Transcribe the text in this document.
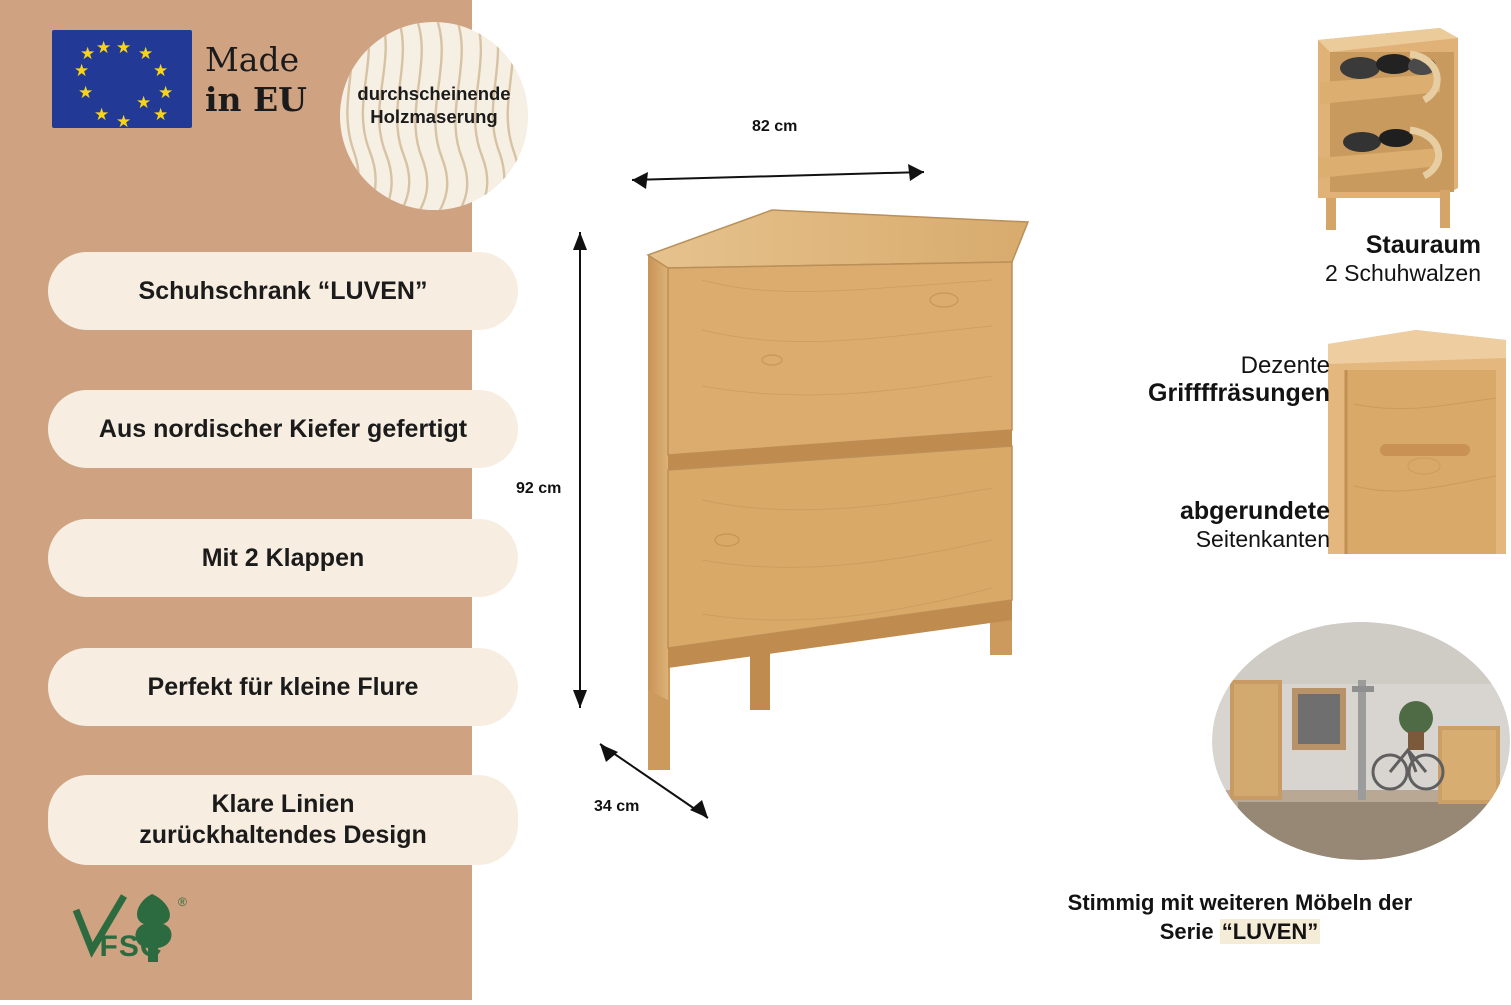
★ ★
★
★
★
★
★
★
★
★ ★
★
Made
in EU	durchscheinende
Holzmaserung
Schuhschrank “LUVEN”
Aus nordischer Kiefer gefertigt
Mit 2 Klappen
Perfekt für kleine Flure
Klare Linien
zurückhaltendes Design
®
FSC
82 cm
92 cm
34 cm
Stauraum
2 Schuhwalzen
Dezente
Griffffräsungen
abgerundete
Seitenkanten
Stimmig mit weiteren Möbeln der
Serie “LUVEN”
